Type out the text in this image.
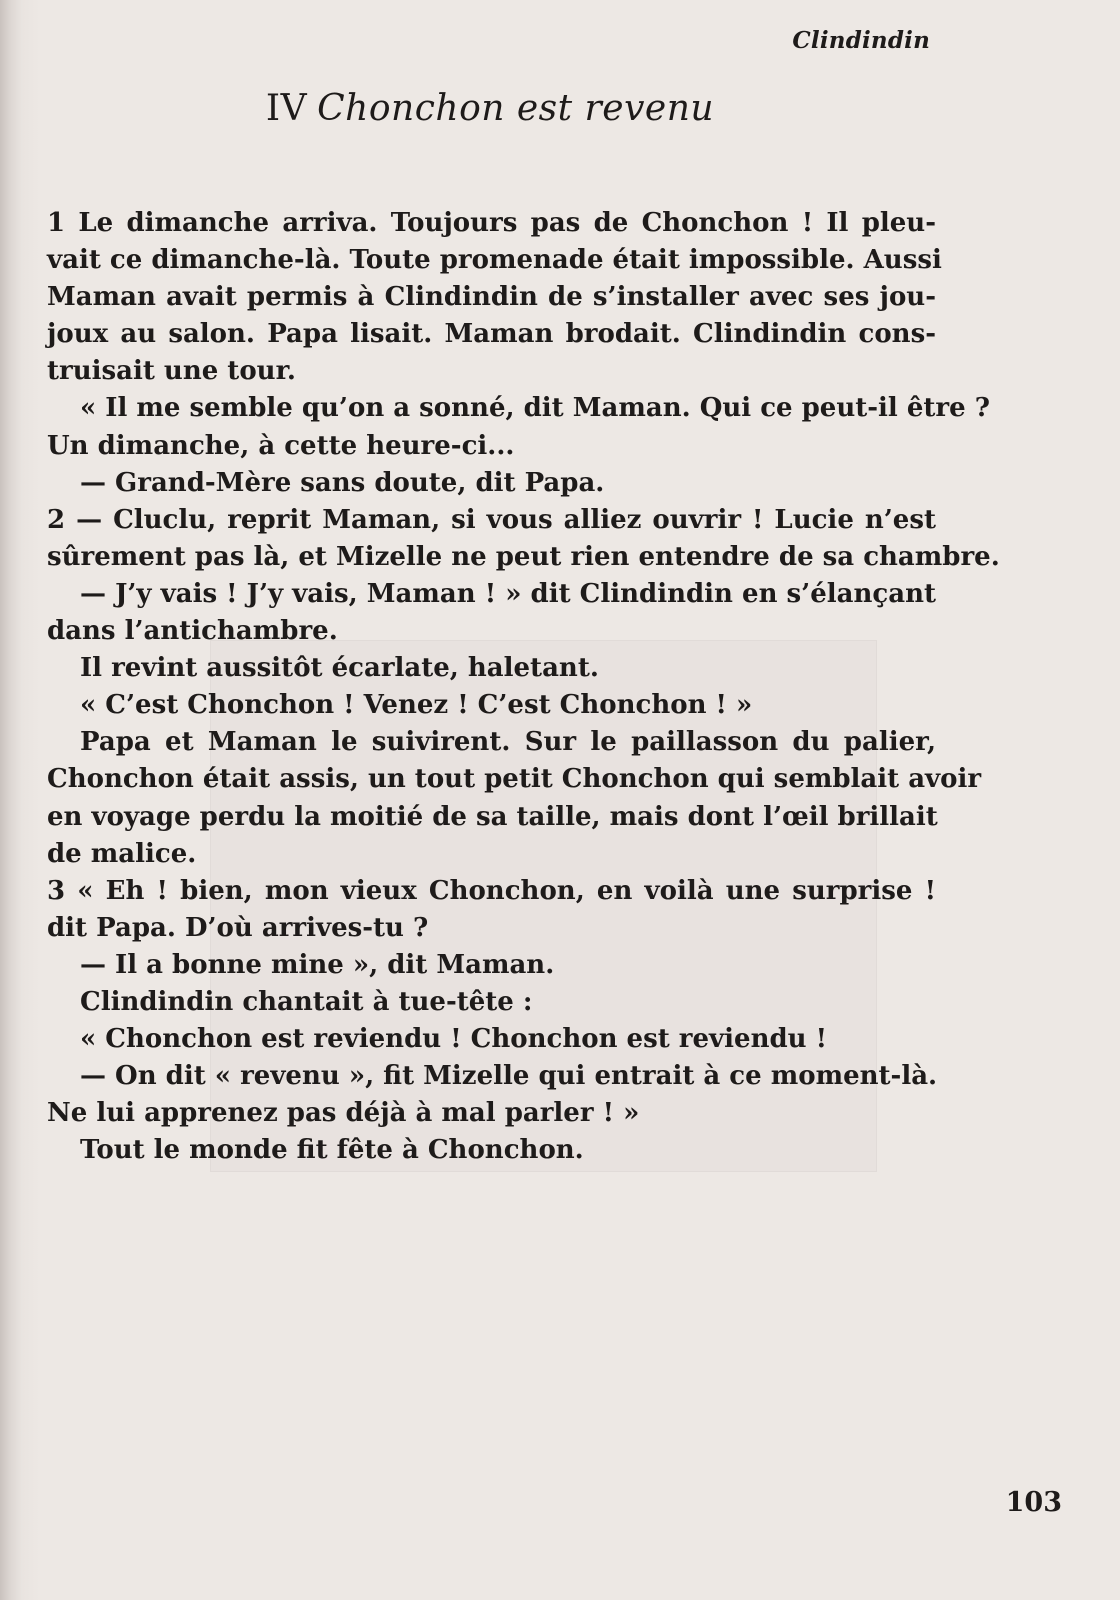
Clindindin
IV Chonchon est revenu
1 Le dimanche arriva. Toujours pas de Chonchon ! Il pleu-
vait ce dimanche-là. Toute promenade était impossible. Aussi
Maman avait permis à Clindindin de s’installer avec ses jou-
joux au salon. Papa lisait. Maman brodait. Clindindin cons-
truisait une tour.
« Il me semble qu’on a sonné, dit Maman. Qui ce peut-il être ?
Un dimanche, à cette heure-ci...
— Grand-Mère sans doute, dit Papa.
2 — Cluclu, reprit Maman, si vous alliez ouvrir ! Lucie n’est
sûrement pas là, et Mizelle ne peut rien entendre de sa chambre.
— J’y vais ! J’y vais, Maman ! » dit Clindindin en s’élançant
dans l’antichambre.
Il revint aussitôt écarlate, haletant.
« C’est Chonchon ! Venez ! C’est Chonchon ! »
Papa et Maman le suivirent. Sur le paillasson du palier,
Chonchon était assis, un tout petit Chonchon qui semblait avoir
en voyage perdu la moitié de sa taille, mais dont l’œil brillait
de malice.
3 « Eh ! bien, mon vieux Chonchon, en voilà une surprise !
dit Papa. D’où arrives-tu ?
— Il a bonne mine », dit Maman.
Clindindin chantait à tue-tête :
« Chonchon est reviendu ! Chonchon est reviendu !
— On dit « revenu », fit Mizelle qui entrait à ce moment-là.
Ne lui apprenez pas déjà à mal parler ! »
Tout le monde fit fête à Chonchon.
103
